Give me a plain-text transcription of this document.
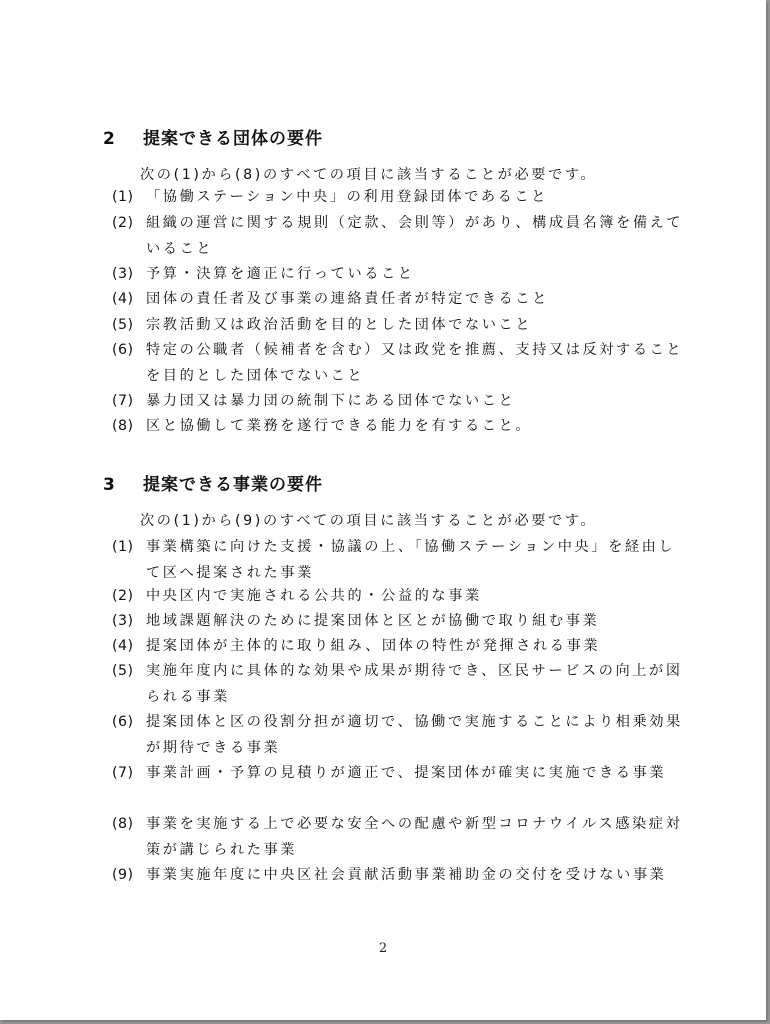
2 提案できる団体の要件
次の(1)から(8)のすべての項目に該当することが必要です。
(1) 「協働ステーション中央」の利用登録団体であること
(2) 組織の運営に関する規則（定款、会則等）があり、構成員名簿を備えていること
(3) 予算・決算を適正に行っていること
(4) 団体の責任者及び事業の連絡責任者が特定できること
(5) 宗教活動又は政治活動を目的とした団体でないこと
(6) 特定の公職者（候補者を含む）又は政党を推薦、支持又は反対することを目的とした団体でないこと
(7) 暴力団又は暴力団の統制下にある団体でないこと
(8) 区と協働して業務を遂行できる能力を有すること。
3 提案できる事業の要件
次の(1)から(9)のすべての項目に該当することが必要です。
(1) 事業構築に向けた支援・協議の上、「協働ステーション中央」を経由して区へ提案された事業
(2) 中央区内で実施される公共的・公益的な事業
(3) 地域課題解決のために提案団体と区とが協働で取り組む事業
(4) 提案団体が主体的に取り組み、団体の特性が発揮される事業
(5) 実施年度内に具体的な効果や成果が期待でき、区民サービスの向上が図られる事業
(6) 提案団体と区の役割分担が適切で、協働で実施することにより相乗効果が期待できる事業
(7) 事業計画・予算の見積りが適正で、提案団体が確実に実施できる事業
(8) 事業を実施する上で必要な安全への配慮や新型コロナウイルス感染症対策が講じられた事業
(9) 事業実施年度に中央区社会貢献活動事業補助金の交付を受けない事業
2
